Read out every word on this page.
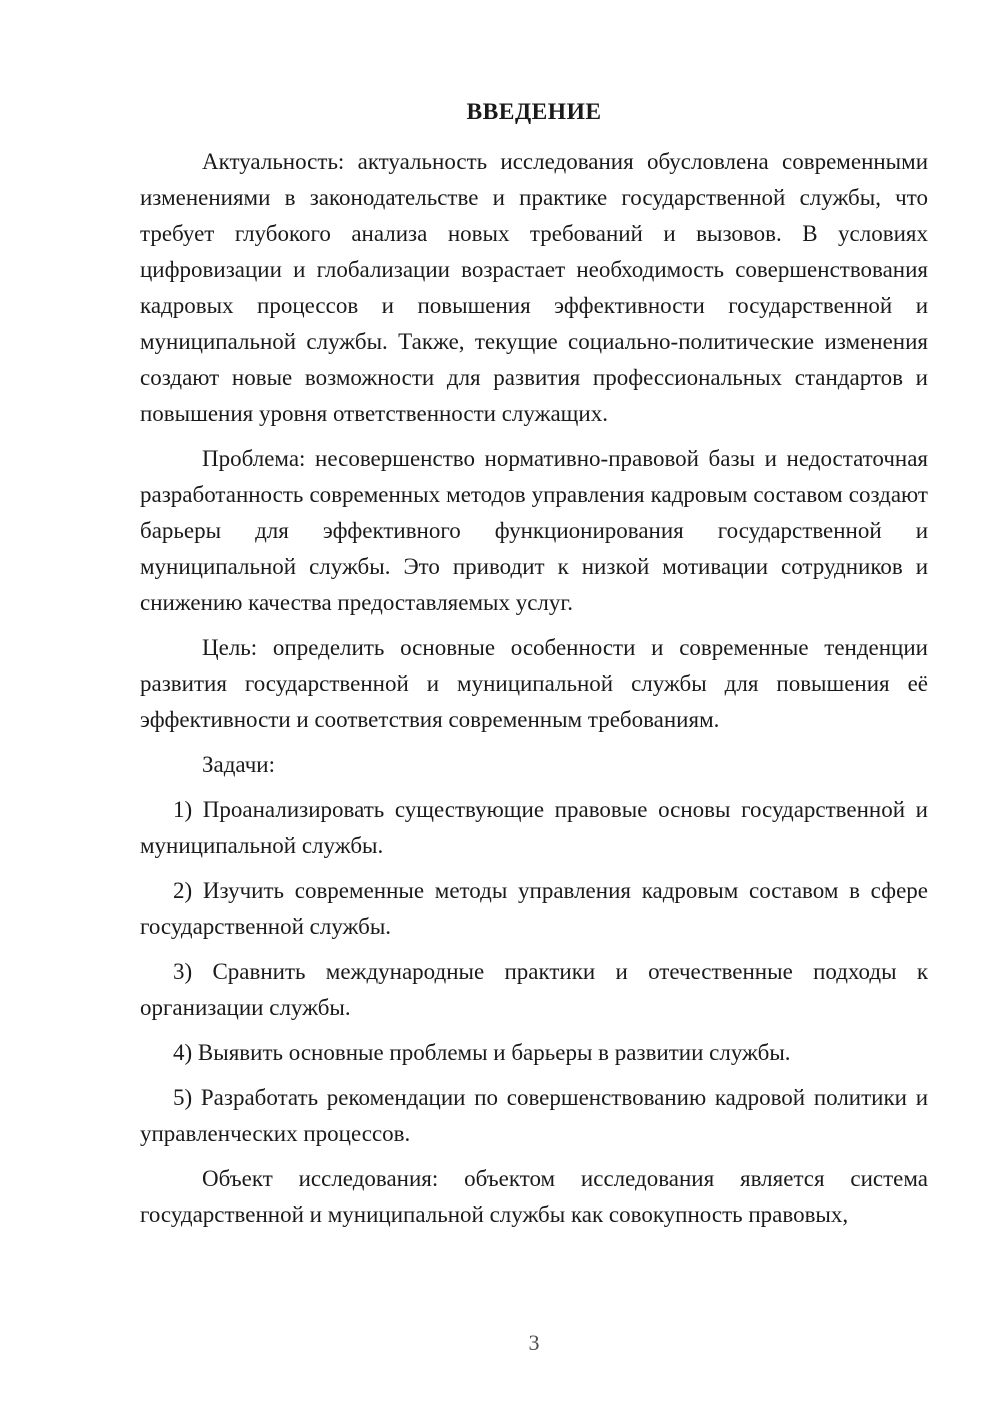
ВВЕДЕНИЕ

Актуальность: актуальность исследования обусловлена современными изменениями в законодательстве и практике государственной службы, что требует глубокого анализа новых требований и вызовов. В условиях цифровизации и глобализации возрастает необходимость совершенствования кадровых процессов и повышения эффективности государственной и муниципальной службы. Также, текущие социально-политические изменения создают новые возможности для развития профессиональных стандартов и повышения уровня ответственности служащих.

Проблема: несовершенство нормативно-правовой базы и недостаточная разработанность современных методов управления кадровым составом создают барьеры для эффективного функционирования государственной и муниципальной службы. Это приводит к низкой мотивации сотрудников и снижению качества предоставляемых услуг.

Цель: определить основные особенности и современные тенденции развития государственной и муниципальной службы для повышения её эффективности и соответствия современным требованиям.

Задачи:

1) Проанализировать существующие правовые основы государственной и муниципальной службы.

2) Изучить современные методы управления кадровым составом в сфере государственной службы.

3) Сравнить международные практики и отечественные подходы к организации службы.

4) Выявить основные проблемы и барьеры в развитии службы.

5) Разработать рекомендации по совершенствованию кадровой политики и управленческих процессов.

Объект исследования: объектом исследования является система государственной и муниципальной службы как совокупность правовых,

3
